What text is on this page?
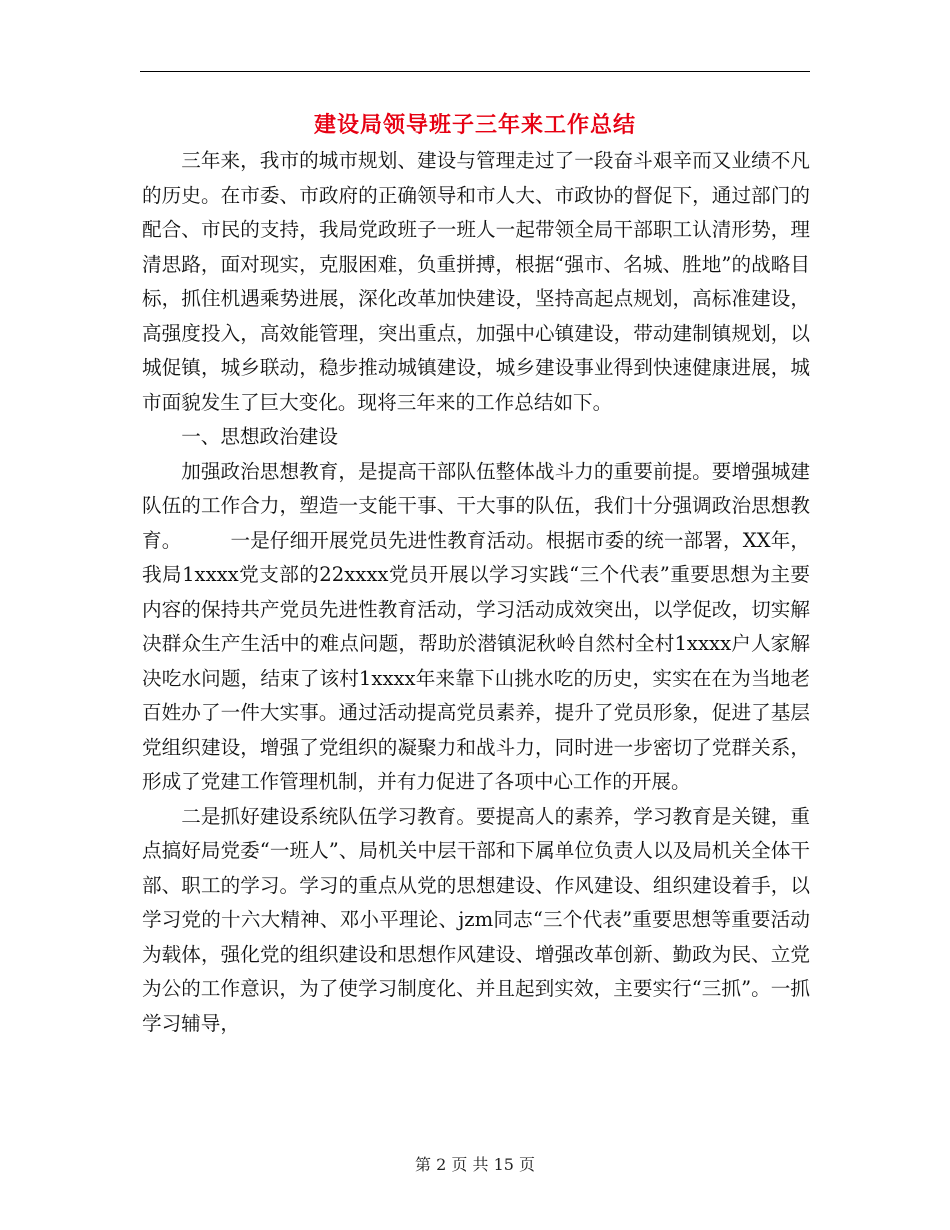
建设局领导班子三年来工作总结

三年来，我市的城市规划、建设与管理走过了一段奋斗艰辛而又业绩不凡的历史。在市委、市政府的正确领导和市人大、市政协的督促下，通过部门的配合、市民的支持，我局党政班子一班人一起带领全局干部职工认清形势，理清思路，面对现实，克服困难，负重拼搏，根据“强市、名城、胜地”的战略目标，抓住机遇乘势进展，深化改革加快建设，坚持高起点规划，高标准建设，高强度投入，高效能管理，突出重点，加强中心镇建设，带动建制镇规划，以城促镇，城乡联动，稳步推动城镇建设，城乡建设事业得到快速健康进展，城市面貌发生了巨大变化。现将三年来的工作总结如下。

一、思想政治建设

加强政治思想教育，是提高干部队伍整体战斗力的重要前提。要增强城建队伍的工作合力，塑造一支能干事、干大事的队伍，我们十分强调政治思想教育。	一是仔细开展党员先进性教育活动。根据市委的统一部署，XX年，我局1xxxx党支部的22xxxx党员开展以学习实践“三个代表”重要思想为主要内容的保持共产党员先进性教育活动，学习活动成效突出，以学促改，切实解决群众生产生活中的难点问题，帮助於潜镇泥秋岭自然村全村1xxxx户人家解决吃水问题，结束了该村1xxxx年来靠下山挑水吃的历史，实实在在为当地老百姓办了一件大实事。通过活动提高党员素养，提升了党员形象，促进了基层党组织建设，增强了党组织的凝聚力和战斗力，同时进一步密切了党群关系，形成了党建工作管理机制，并有力促进了各项中心工作的开展。

二是抓好建设系统队伍学习教育。要提高人的素养，学习教育是关键，重点搞好局党委“一班人”、局机关中层干部和下属单位负责人以及局机关全体干部、职工的学习。学习的重点从党的思想建设、作风建设、组织建设着手，以学习党的十六大精神、邓小平理论、jzm同志“三个代表”重要思想等重要活动为载体，强化党的组织建设和思想作风建设、增强改革创新、勤政为民、立党为公的工作意识，为了使学习制度化、并且起到实效，主要实行“三抓”。一抓学习辅导，

第 2 页 共 15 页
